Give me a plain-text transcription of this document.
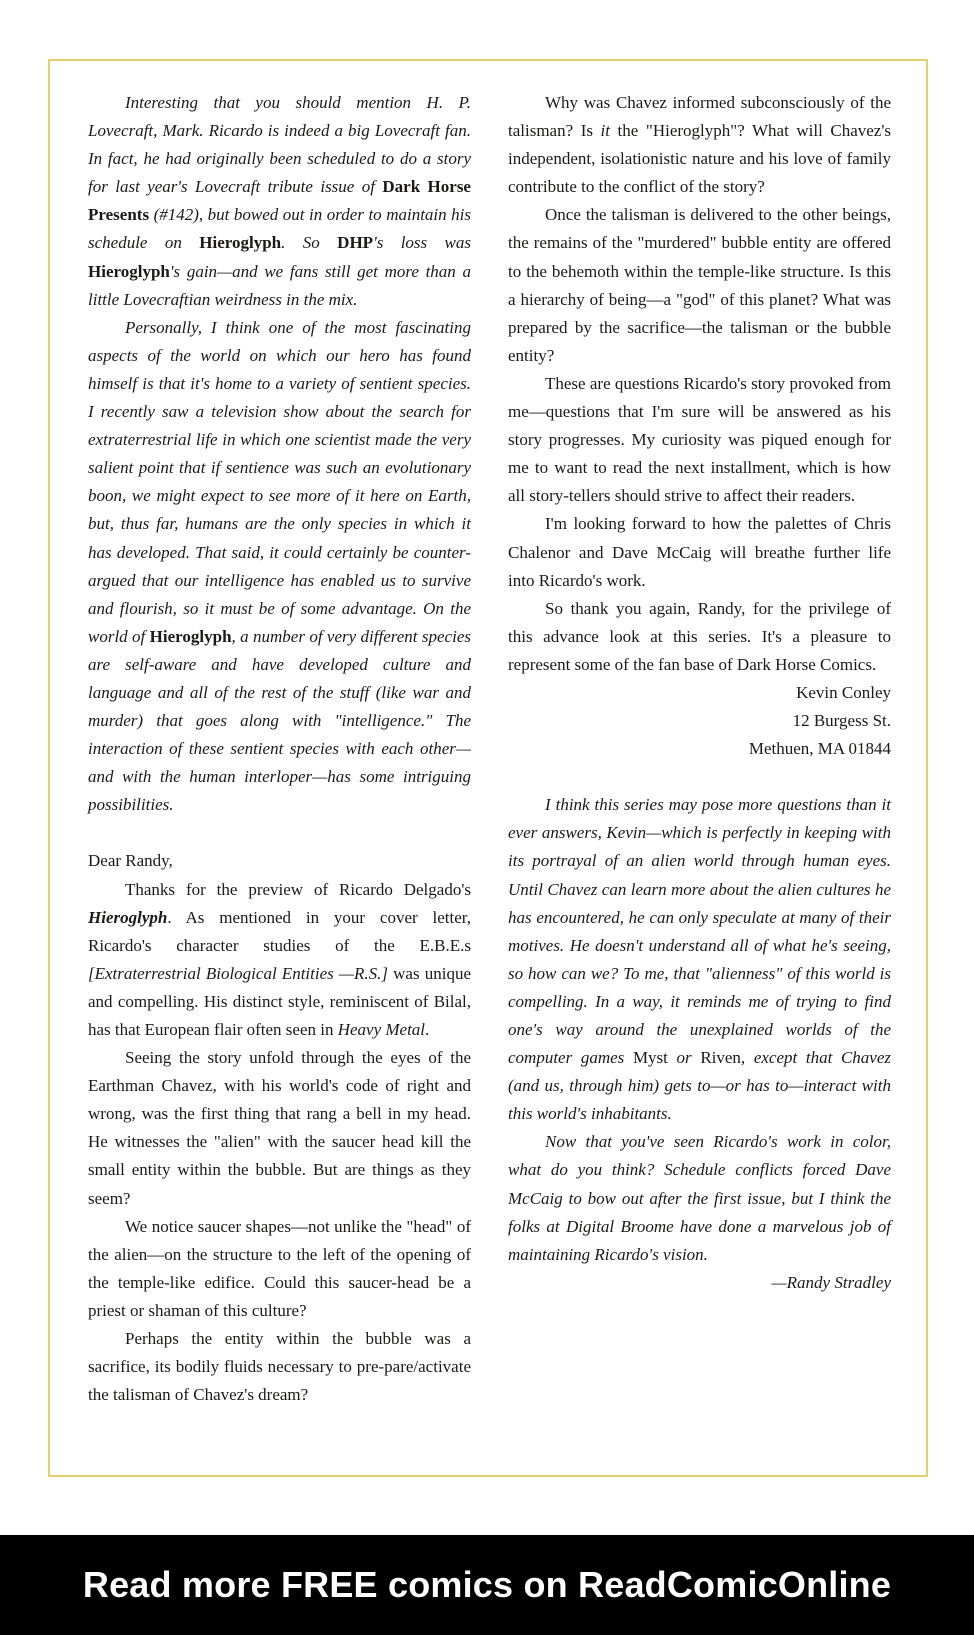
Interesting that you should mention H. P. Lovecraft, Mark. Ricardo is indeed a big Lovecraft fan. In fact, he had originally been scheduled to do a story for last year's Lovecraft tribute issue of Dark Horse Presents (#142), but bowed out in order to maintain his schedule on Hieroglyph. So DHP's loss was Hieroglyph's gain—and we fans still get more than a little Lovecraftian weirdness in the mix.

Personally, I think one of the most fascinating aspects of the world on which our hero has found himself is that it's home to a variety of sentient species. I recently saw a television show about the search for extraterrestrial life in which one scientist made the very salient point that if sentience was such an evolutionary boon, we might expect to see more of it here on Earth, but, thus far, humans are the only species in which it has developed. That said, it could certainly be counter-argued that our intelligence has enabled us to survive and flourish, so it must be of some advantage. On the world of Hieroglyph, a number of very different species are self-aware and have developed culture and language and all of the rest of the stuff (like war and murder) that goes along with "intelligence." The interaction of these sentient species with each other—and with the human interloper—has some intriguing possibilities.

Dear Randy,

Thanks for the preview of Ricardo Delgado's Hieroglyph. As mentioned in your cover letter, Ricardo's character studies of the E.B.E.s [Extraterrestrial Biological Entities —R.S.] was unique and compelling. His distinct style, reminiscent of Bilal, has that European flair often seen in Heavy Metal.

Seeing the story unfold through the eyes of the Earthman Chavez, with his world's code of right and wrong, was the first thing that rang a bell in my head. He witnesses the "alien" with the saucer head kill the small entity within the bubble. But are things as they seem?

We notice saucer shapes—not unlike the "head" of the alien—on the structure to the left of the opening of the temple-like edifice. Could this saucer-head be a priest or shaman of this culture?

Perhaps the entity within the bubble was a sacrifice, its bodily fluids necessary to pre-pare/activate the talisman of Chavez's dream?

Why was Chavez informed subconsciously of the talisman? Is it the "Hieroglyph"? What will Chavez's independent, isolationistic nature and his love of family contribute to the conflict of the story?

Once the talisman is delivered to the other beings, the remains of the "murdered" bubble entity are offered to the behemoth within the temple-like structure. Is this a hierarchy of being—a "god" of this planet? What was prepared by the sacrifice—the talisman or the bubble entity?

These are questions Ricardo's story provoked from me—questions that I'm sure will be answered as his story progresses. My curiosity was piqued enough for me to want to read the next installment, which is how all story-tellers should strive to affect their readers.

I'm looking forward to how the palettes of Chris Chalenor and Dave McCaig will breathe further life into Ricardo's work.

So thank you again, Randy, for the privilege of this advance look at this series. It's a pleasure to represent some of the fan base of Dark Horse Comics.

Kevin Conley

12 Burgess St.

Methuen, MA 01844

I think this series may pose more questions than it ever answers, Kevin—which is perfectly in keeping with its portrayal of an alien world through human eyes. Until Chavez can learn more about the alien cultures he has encountered, he can only speculate at many of their motives. He doesn't understand all of what he's seeing, so how can we? To me, that "alienness" of this world is compelling. In a way, it reminds me of trying to find one's way around the unexplained worlds of the computer games Myst or Riven, except that Chavez (and us, through him) gets to—or has to—interact with this world's inhabitants.

Now that you've seen Ricardo's work in color, what do you think? Schedule conflicts forced Dave McCaig to bow out after the first issue, but I think the folks at Digital Broome have done a marvelous job of maintaining Ricardo's vision.

—Randy Stradley

Read more FREE comics on ReadComicOnline
